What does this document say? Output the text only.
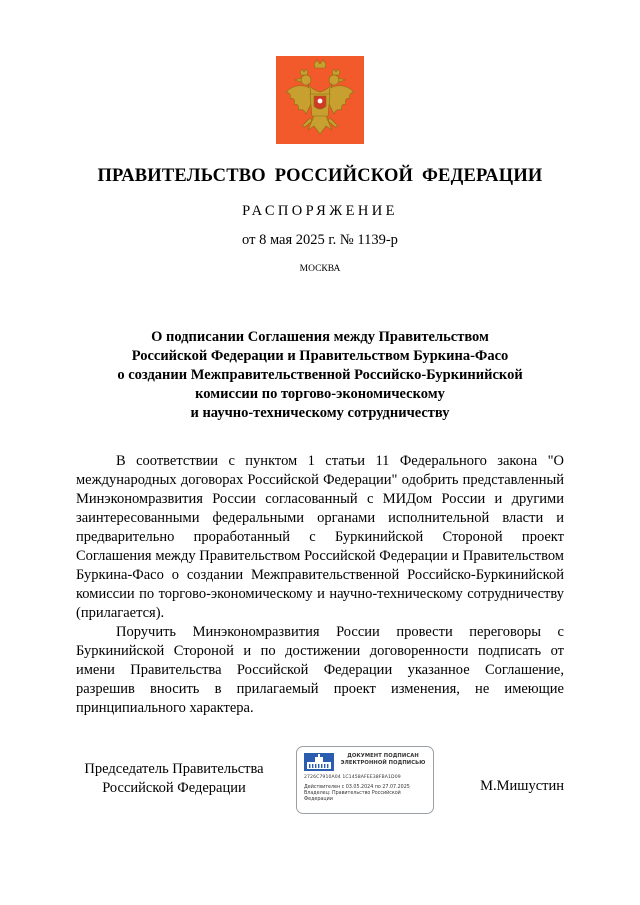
ПРАВИТЕЛЬСТВО РОССИЙСКОЙ ФЕДЕРАЦИИ
РАСПОРЯЖЕНИЕ
от 8 мая 2025 г. № 1139-р
МОСКВА
О подписании Соглашения между Правительством
Российской Федерации и Правительством Буркина-Фасо
о создании Межправительственной Российско-Буркинийской
комиссии по торгово-экономическому
и научно-техническому сотрудничеству

В соответствии с пунктом 1 статьи 11 Федерального закона "О международных договорах Российской Федерации" одобрить представленный Минэкономразвития России согласованный с МИДом России и другими заинтересованными федеральными органами исполнительной власти и предварительно проработанный с Буркинийской Стороной проект Соглашения между Правительством Российской Федерации и Правительством Буркина-Фасо о создании Межправительственной Российско-Буркинийской комиссии по торгово-экономическому и научно-техническому сотрудничеству (прилагается).

Поручить Минэкономразвития России провести переговоры с Буркинийской Стороной и по достижении договоренности подписать от имени Правительства Российской Федерации указанное Соглашение, разрешив вносить в прилагаемый проект изменения, не имеющие принципиального характера.

Председатель Правительства
Российской Федерации
ДОКУМЕНТ ПОДПИСАН
ЭЛЕКТРОННОЙ ПОДПИСЬЮ
2726C7910A04 1C1458AFEE38FBA1D09
Действителен с 03.05.2024 по 27.07.2025
Владелец: Правительство Российской Федерации
М.Мишустин
